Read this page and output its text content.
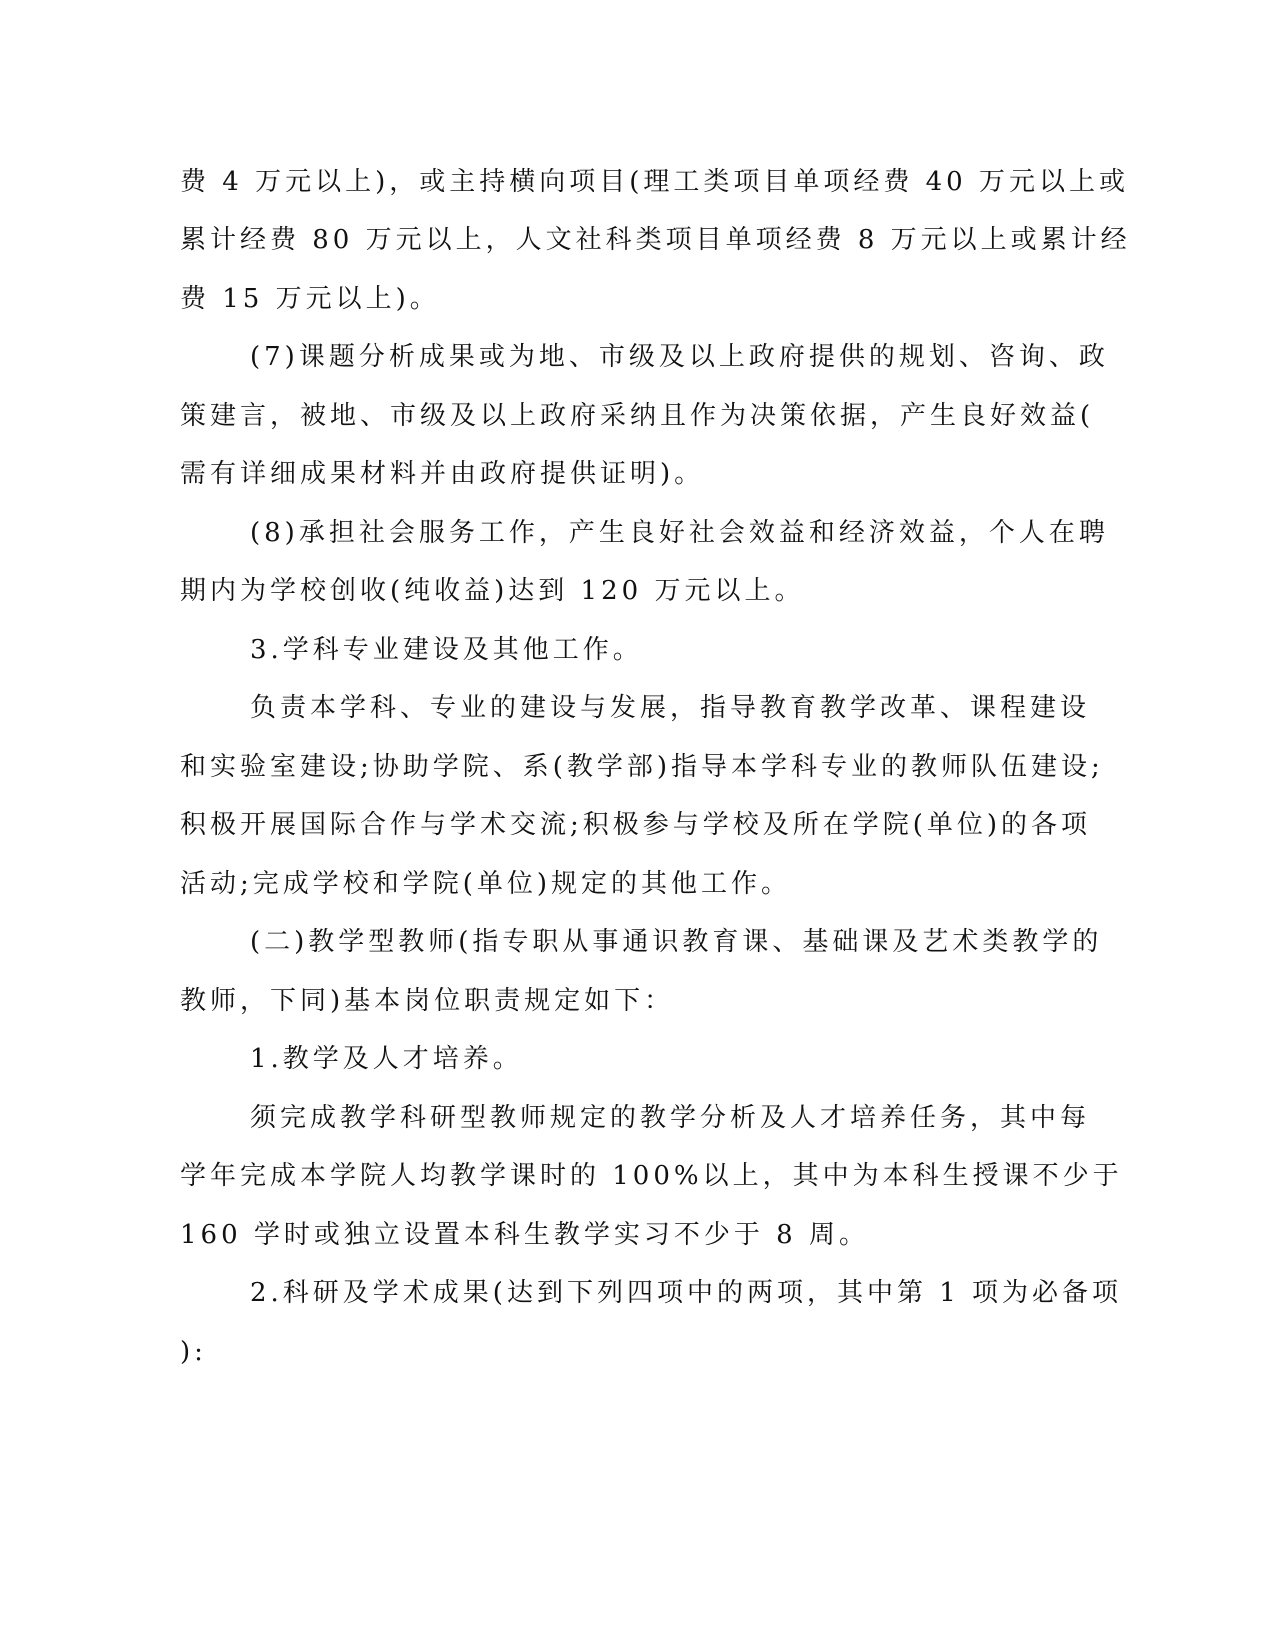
费 4 万元以上)，或主持横向项目(理工类项目单项经费 40 万元以上或

累计经费 80 万元以上，人文社科类项目单项经费 8 万元以上或累计经

费 15 万元以上)。

(7)课题分析成果或为地、市级及以上政府提供的规划、咨询、政

策建言，被地、市级及以上政府采纳且作为决策依据，产生良好效益(

需有详细成果材料并由政府提供证明)。

(8)承担社会服务工作，产生良好社会效益和经济效益，个人在聘

期内为学校创收(纯收益)达到 120 万元以上。

3.学科专业建设及其他工作。

负责本学科、专业的建设与发展，指导教育教学改革、课程建设

和实验室建设;协助学院、系(教学部)指导本学科专业的教师队伍建设;

积极开展国际合作与学术交流;积极参与学校及所在学院(单位)的各项

活动;完成学校和学院(单位)规定的其他工作。

(二)教学型教师(指专职从事通识教育课、基础课及艺术类教学的

教师，下同)基本岗位职责规定如下：

1.教学及人才培养。

须完成教学科研型教师规定的教学分析及人才培养任务，其中每

学年完成本学院人均教学课时的 100%以上，其中为本科生授课不少于

160 学时或独立设置本科生教学实习不少于 8 周。

2.科研及学术成果(达到下列四项中的两项，其中第 1 项为必备项

):
